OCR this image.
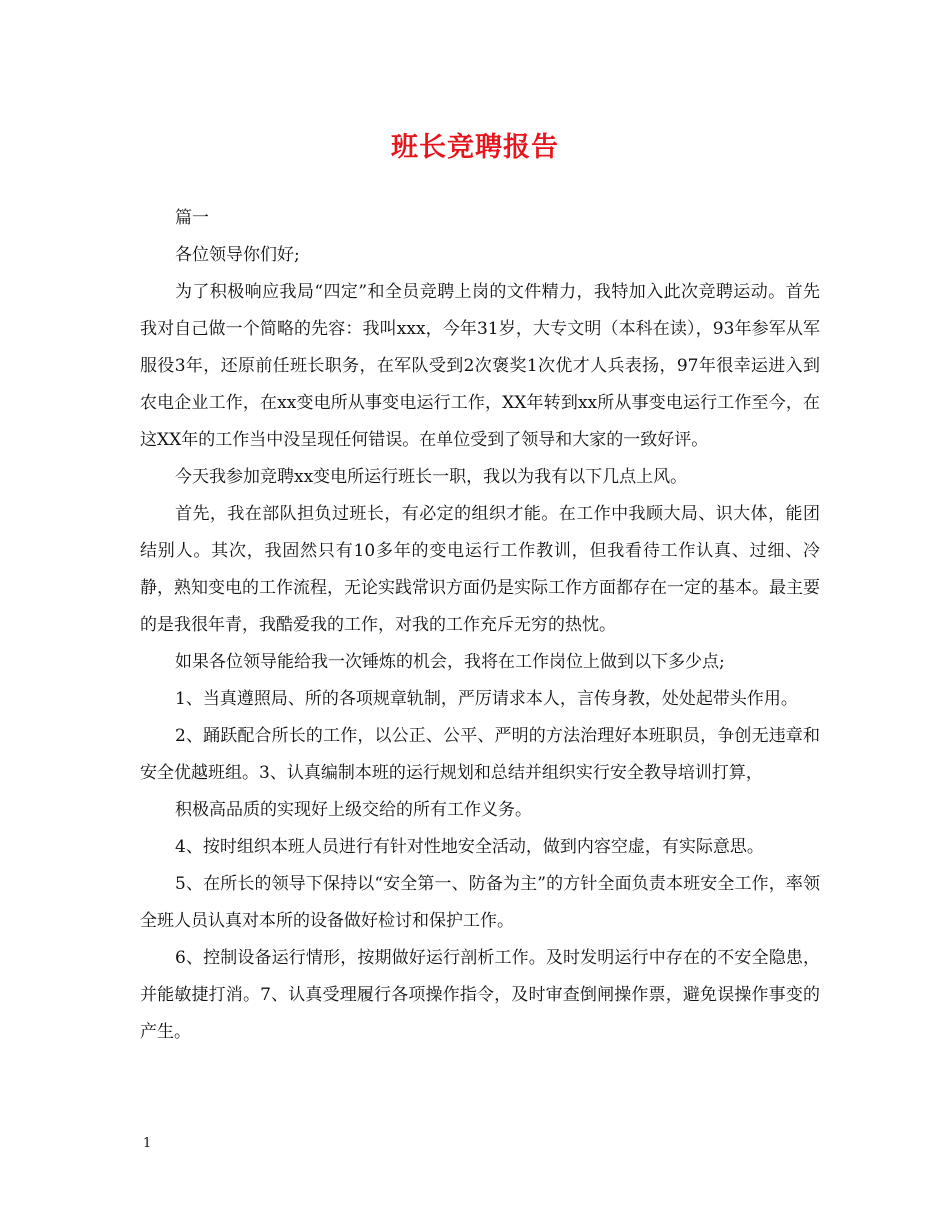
班长竞聘报告

篇一

各位领导你们好;

为了积极响应我局“四定”和全员竞聘上岗的文件精力，我特加入此次竞聘运动。首先我对自己做一个简略的先容：我叫xxx，今年31岁，大专文明（本科在读），93年参军从军服役3年，还原前任班长职务，在军队受到2次褒奖1次优才人兵表扬，97年很幸运进入到农电企业工作，在xx变电所从事变电运行工作，XX年转到xx所从事变电运行工作至今，在这XX年的工作当中没呈现任何错误。在单位受到了领导和大家的一致好评。

今天我参加竞聘xx变电所运行班长一职，我以为我有以下几点上风。

首先，我在部队担负过班长，有必定的组织才能。在工作中我顾大局、识大体，能团结别人。其次，我固然只有10多年的变电运行工作教训，但我看待工作认真、过细、冷静，熟知变电的工作流程，无论实践常识方面仍是实际工作方面都存在一定的基本。最主要的是我很年青，我酷爱我的工作，对我的工作充斥无穷的热忱。

如果各位领导能给我一次锤炼的机会，我将在工作岗位上做到以下多少点;

1、当真遵照局、所的各项规章轨制，严厉请求本人，言传身教，处处起带头作用。

2、踊跃配合所长的工作，以公正、公平、严明的方法治理好本班职员，争创无违章和安全优越班组。3、认真编制本班的运行规划和总结并组织实行安全教导培训打算，

积极高品质的实现好上级交给的所有工作义务。

4、按时组织本班人员进行有针对性地安全活动，做到内容空虚，有实际意思。

5、在所长的领导下保持以“安全第一、防备为主”的方针全面负责本班安全工作，率领全班人员认真对本所的设备做好检讨和保护工作。

6、控制设备运行情形，按期做好运行剖析工作。及时发明运行中存在的不安全隐患，并能敏捷打消。7、认真受理履行各项操作指令，及时审查倒闸操作票，避免误操作事变的产生。

1
